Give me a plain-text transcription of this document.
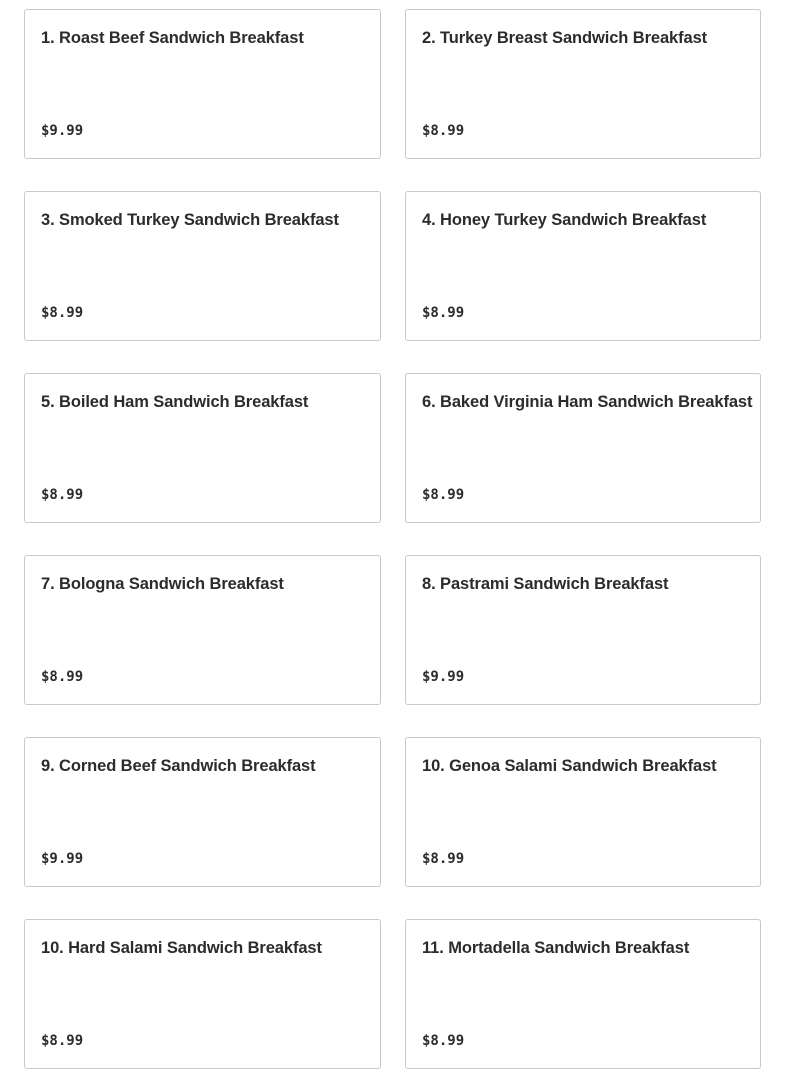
1. Roast Beef Sandwich Breakfast
$9.99
2. Turkey Breast Sandwich Breakfast
$8.99
3. Smoked Turkey Sandwich Breakfast
$8.99
4. Honey Turkey Sandwich Breakfast
$8.99
5. Boiled Ham Sandwich Breakfast
$8.99
6. Baked Virginia Ham Sandwich Breakfast
$8.99
7. Bologna Sandwich Breakfast
$8.99
8. Pastrami Sandwich Breakfast
$9.99
9. Corned Beef Sandwich Breakfast
$9.99
10. Genoa Salami Sandwich Breakfast
$8.99
10. Hard Salami Sandwich Breakfast
$8.99
11. Mortadella Sandwich Breakfast
$8.99
